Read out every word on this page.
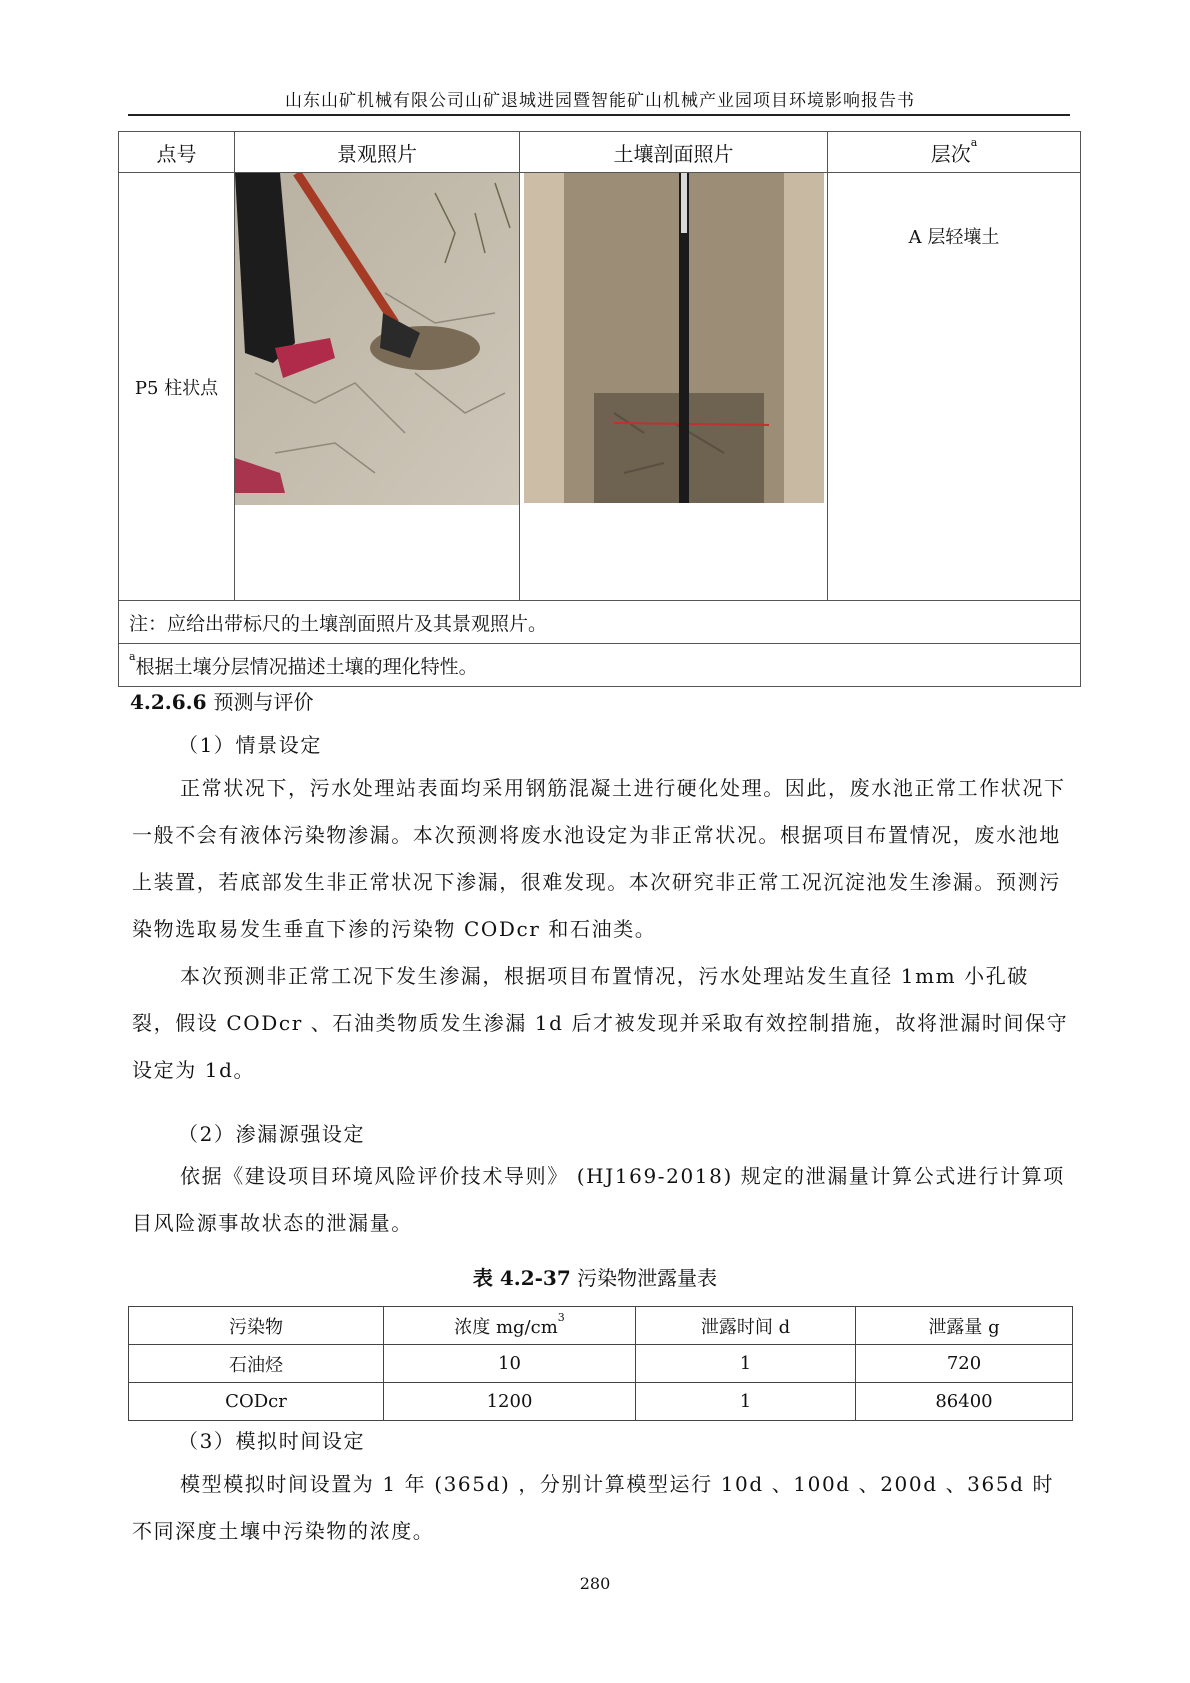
山东山矿机械有限公司山矿退城进园暨智能矿山机械产业园项目环境影响报告书
点号	景观照片	土壤剖面照片	层次$^a$
P5 柱状点			A 层轻壤土
注：应给出带标尺的土壤剖面照片及其景观照片。			
$^a$根据土壤分层情况描述土壤的理化特性。			
4.2.6.6 预测与评价
（1）情景设定

正常状况下，污水处理站表面均采用钢筋混凝土进行硬化处理。因此，废水池正常工作状况下一般不会有液体污染物渗漏。本次预测将废水池设定为非正常状况。根据项目布置情况，废水池地上装置，若底部发生非正常状况下渗漏，很难发现。本次研究非正常工况沉淀池发生渗漏。预测污染物选取易发生垂直下渗的污染物 CODcr 和石油类。

本次预测非正常工况下发生渗漏，根据项目布置情况，污水处理站发生直径 1mm 小孔破裂，假设 CODcr 、石油类物质发生渗漏 1d 后才被发现并采取有效控制措施，故将泄漏时间保守设定为 1d。

（2）渗漏源强设定

依据《建设项目环境风险评价技术导则》 (HJ169-2018) 规定的泄漏量计算公式进行计算项目风险源事故状态的泄漏量。

表 4.2-37 污染物泄露量表
污染物	浓度 $mg/cm^3$	泄露时间 d	泄露量 g
石油烃	10	1	720
CODcr	1200	1	86400
（3）模拟时间设定

模型模拟时间设置为 1 年 (365d) ，分别计算模型运行 10d 、100d 、200d 、365d 时不同深度土壤中污染物的浓度。

280
